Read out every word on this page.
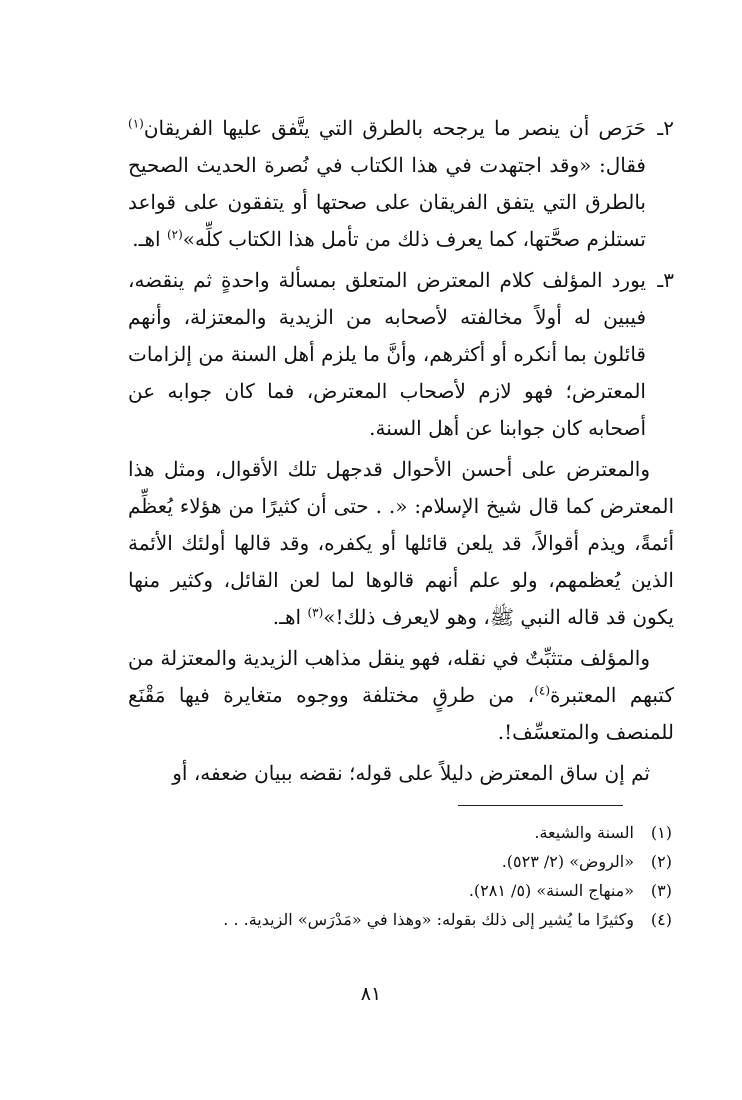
٢ـ
حَرَص أن ينصر ما يرجحه بالطرق التي يتَّفق عليها الفريقان$^{(١)}$ فقال: «وقد اجتهدت في هذا الكتاب في نُصرة الحديث الصحيح بالطرق التي يتفق الفريقان على صحتها أو يتفقون على قواعد تستلزم صحَّتها، كما يعرف ذلك من تأمل هذا الكتاب كلِّه»$^{(٢)}$ اهـ.
٣ـ
يورد المؤلف كلام المعترض المتعلق بمسألة واحدةٍ ثم ينقضه، فيبين له أولاً مخالفته لأصحابه من الزيدية والمعتزلة، وأنهم قائلون بما أنكره أو أكثرهم، وأنَّ ما يلزم أهل السنة من إلزامات المعترض؛ فهو لازم لأصحاب المعترض، فما كان جوابه عن أصحابه كان جوابنا عن أهل السنة.

والمعترض على أحسن الأحوال قدجهل تلك الأقوال، ومثل هذا المعترض كما قال شيخ الإسلام: «. . حتى أن كثيرًا من هؤلاء يُعظِّم أئمةً، ويذم أقوالاً، قد يلعن قائلها أو يكفره، وقد قالها أولئك الأئمة الذين يُعظمهم، ولو علم أنهم قالوها لما لعن القائل، وكثير منها يكون قد قاله النبي ﷺ، وهو لايعرف ذلك!»$^{(٣)}$ اهـ.

والمؤلف متثبِّتٌ في نقله، فهو ينقل مذاهب الزيدية والمعتزلة من كتبهم المعتبرة$^{(٤)}$، من طرقٍ مختلفة ووجوه متغايرة فيها مَقْنَع للمنصف والمتعسِّف!.

ثم إن ساق المعترض دليلاً على قوله؛ نقضه ببيان ضعفه، أو

(١)
السنة والشيعة.
(٢)
«الروض» (٢/ ٥٢٣).
(٣)
«منهاج السنة» (٥/ ٢٨١).
(٤)
وكثيرًا ما يُشير إلى ذلك بقوله: «وهذا في «مَدْرَس» الزيدية. . .
٨١
